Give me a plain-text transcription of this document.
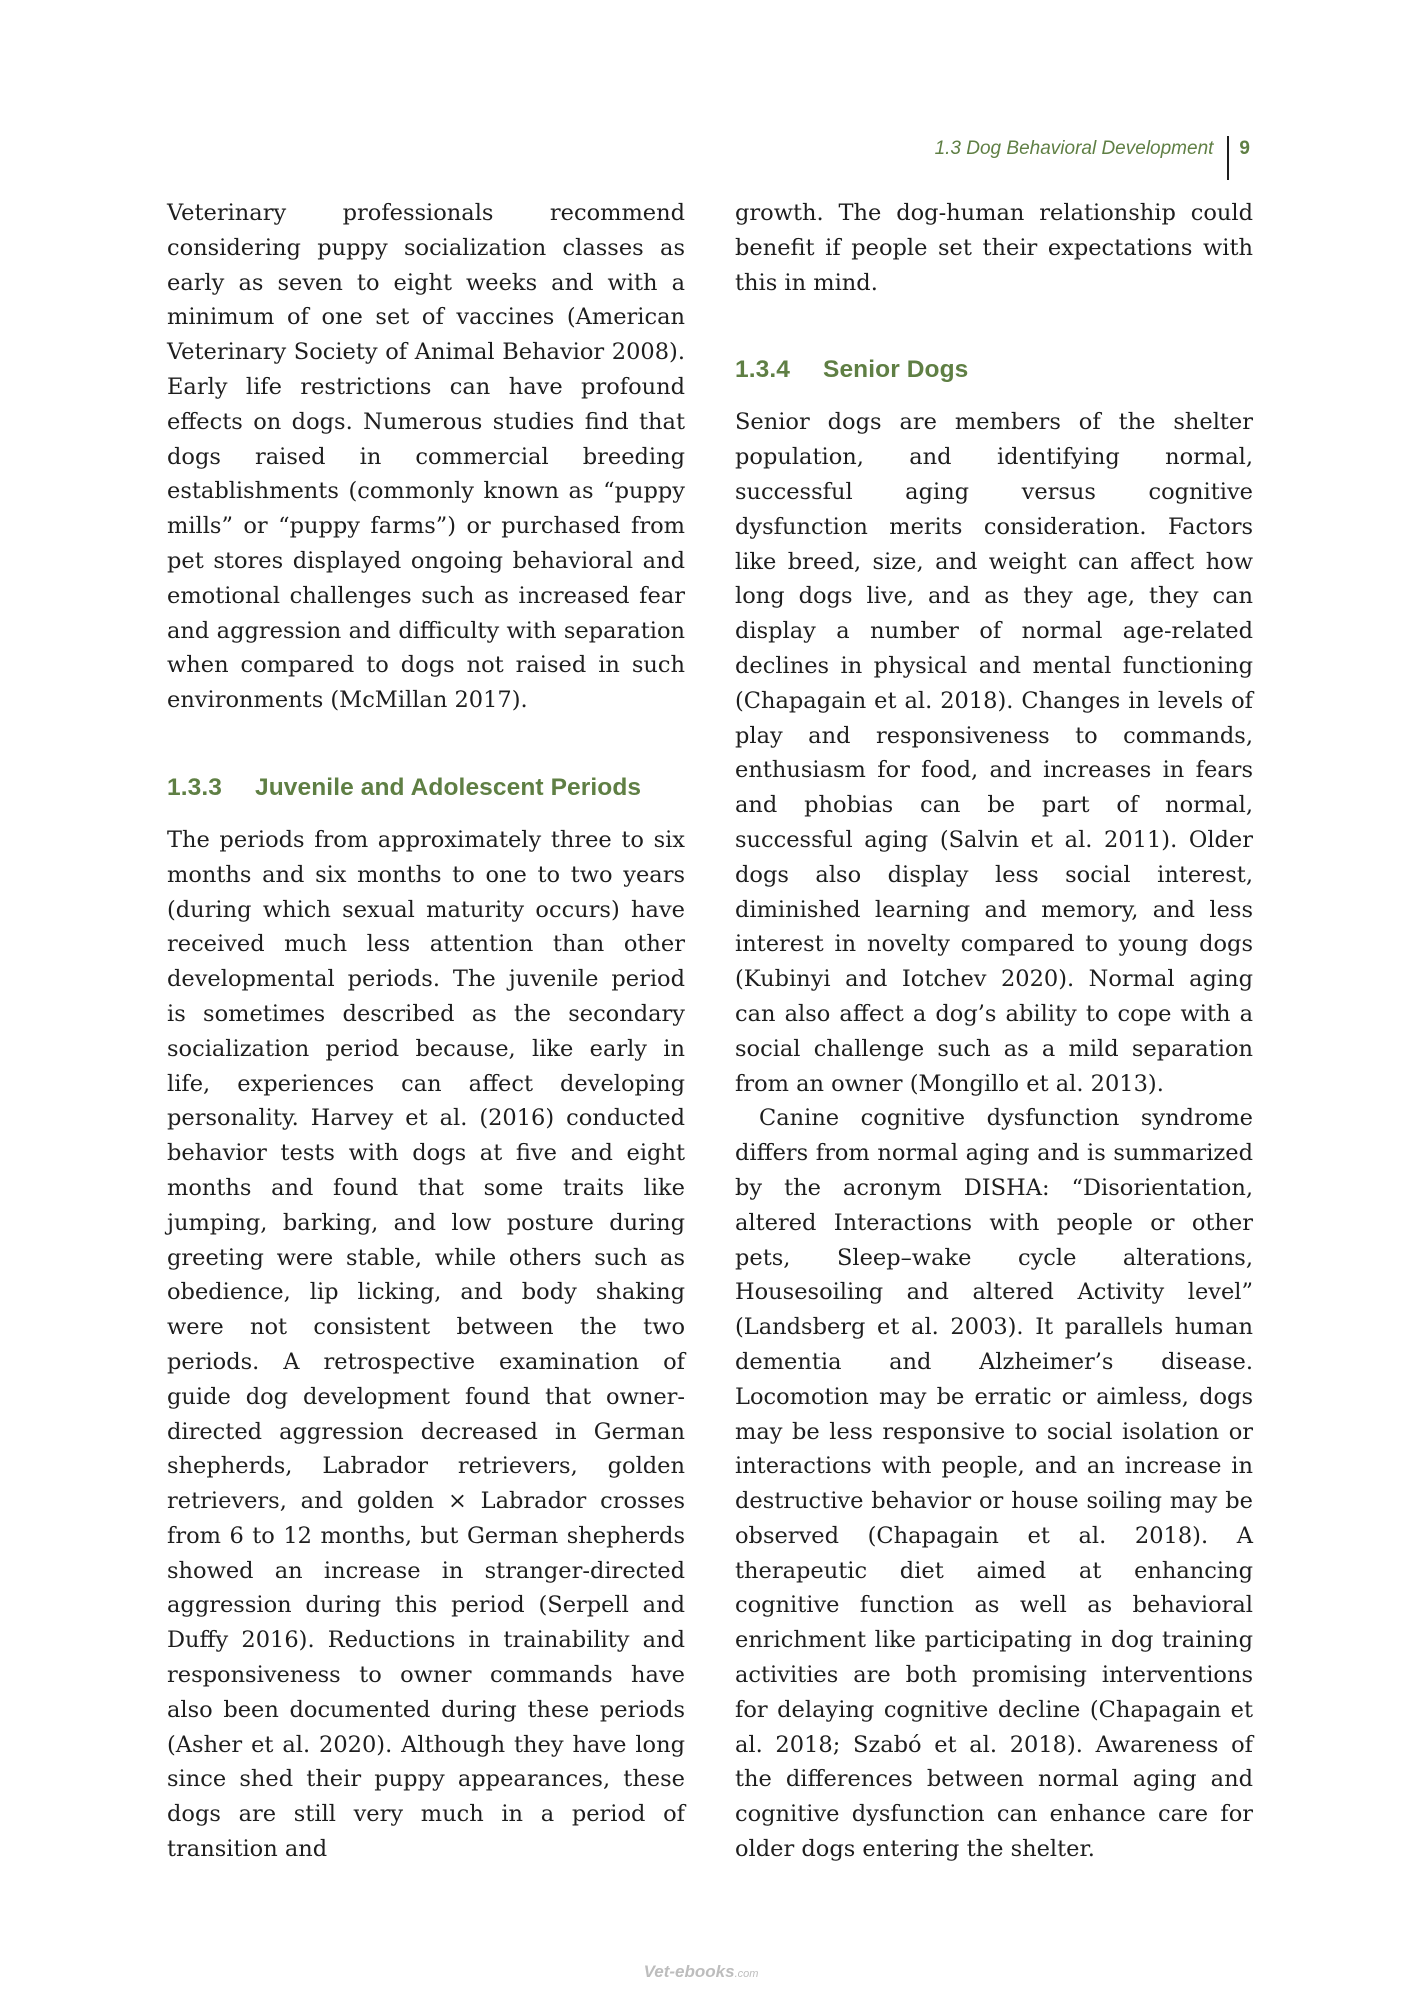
1.3 Dog Behavioral Development	9

Veterinary professionals recommend considering puppy socialization classes as early as seven to eight weeks and with a minimum of one set of vaccines (American Veterinary Society of Animal Behavior 2008). Early life restrictions can have profound effects on dogs. Numerous studies find that dogs raised in commercial breeding establishments (commonly known as “puppy mills” or “puppy farms”) or purchased from pet stores displayed ongoing behavioral and emotional challenges such as increased fear and aggression and difficulty with separation when compared to dogs not raised in such environments (McMillan 2017).

1.3.3 Juvenile and Adolescent Periods

The periods from approximately three to six months and six months to one to two years (during which sexual maturity occurs) have received much less attention than other developmental periods. The juvenile period is sometimes described as the secondary socialization period because, like early in life, experiences can affect developing personality. Harvey et al. (2016) conducted behavior tests with dogs at five and eight months and found that some traits like jumping, barking, and low posture during greeting were stable, while others such as obedience, lip licking, and body shaking were not consistent between the two periods. A retrospective examination of guide dog development found that owner-directed aggression decreased in German shepherds, Labrador retrievers, golden retrievers, and golden × Labrador crosses from 6 to 12 months, but German shepherds showed an increase in stranger-directed aggression during this period (Serpell and Duffy 2016). Reductions in trainability and responsiveness to owner commands have also been documented during these periods (Asher et al. 2020). Although they have long since shed their puppy appearances, these dogs are still very much in a period of transition and

growth. The dog-human relationship could benefit if people set their expectations with this in mind.

1.3.4 Senior Dogs

Senior dogs are members of the shelter population, and identifying normal, successful aging versus cognitive dysfunction merits consideration. Factors like breed, size, and weight can affect how long dogs live, and as they age, they can display a number of normal age-related declines in physical and mental functioning (Chapagain et al. 2018). Changes in levels of play and responsiveness to commands, enthusiasm for food, and increases in fears and phobias can be part of normal, successful aging (Salvin et al. 2011). Older dogs also display less social interest, diminished learning and memory, and less interest in novelty compared to young dogs (Kubinyi and Iotchev 2020). Normal aging can also affect a dog’s ability to cope with a social challenge such as a mild separation from an owner (Mongillo et al. 2013).

Canine cognitive dysfunction syndrome differs from normal aging and is summarized by the acronym DISHA: “Disorientation, altered Interactions with people or other pets, Sleep–wake cycle alterations, Housesoiling and altered Activity level” (Landsberg et al. 2003). It parallels human dementia and Alzheimer’s disease. Locomotion may be erratic or aimless, dogs may be less responsive to social isolation or interactions with people, and an increase in destructive behavior or house soiling may be observed (Chapagain et al. 2018). A therapeutic diet aimed at enhancing cognitive function as well as behavioral enrichment like participating in dog training activities are both promising interventions for delaying cognitive decline (Chapagain et al. 2018; Szabó et al. 2018). Awareness of the differences between normal aging and cognitive dysfunction can enhance care for older dogs entering the shelter.

Vet-ebooks.com
